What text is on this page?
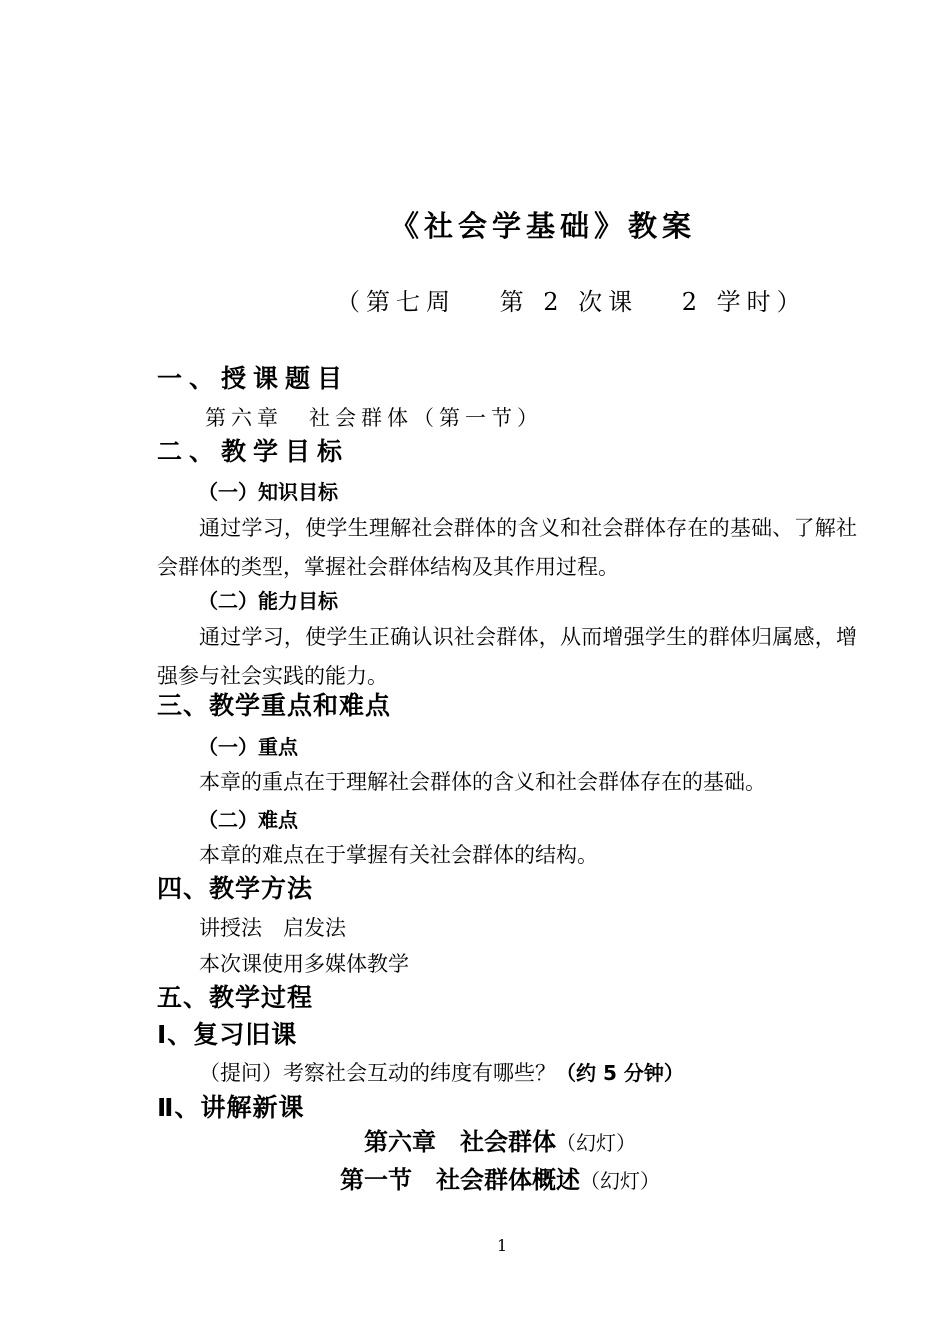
《社会学基础》教案
（第七周　 第 2 次课　 2 学时）
一、授课题目
第六章　社会群体（第一节）
二、教学目标
（一）知识目标

通过学习，使学生理解社会群体的含义和社会群体存在的基础、了解社会群体的类型，掌握社会群体结构及其作用过程。

（二）能力目标

通过学习，使学生正确认识社会群体，从而增强学生的群体归属感，增强参与社会实践的能力。

三、教学重点和难点
（一）重点
本章的重点在于理解社会群体的含义和社会群体存在的基础。
（二）难点
本章的难点在于掌握有关社会群体的结构。
四、教学方法
讲授法　启发法
本次课使用多媒体教学
五、教学过程
Ⅰ、复习旧课
（提问）考察社会互动的纬度有哪些？（约 5 分钟）
Ⅱ、讲解新课
第六章　社会群体（幻灯）
第一节　社会群体概述（幻灯）
1
